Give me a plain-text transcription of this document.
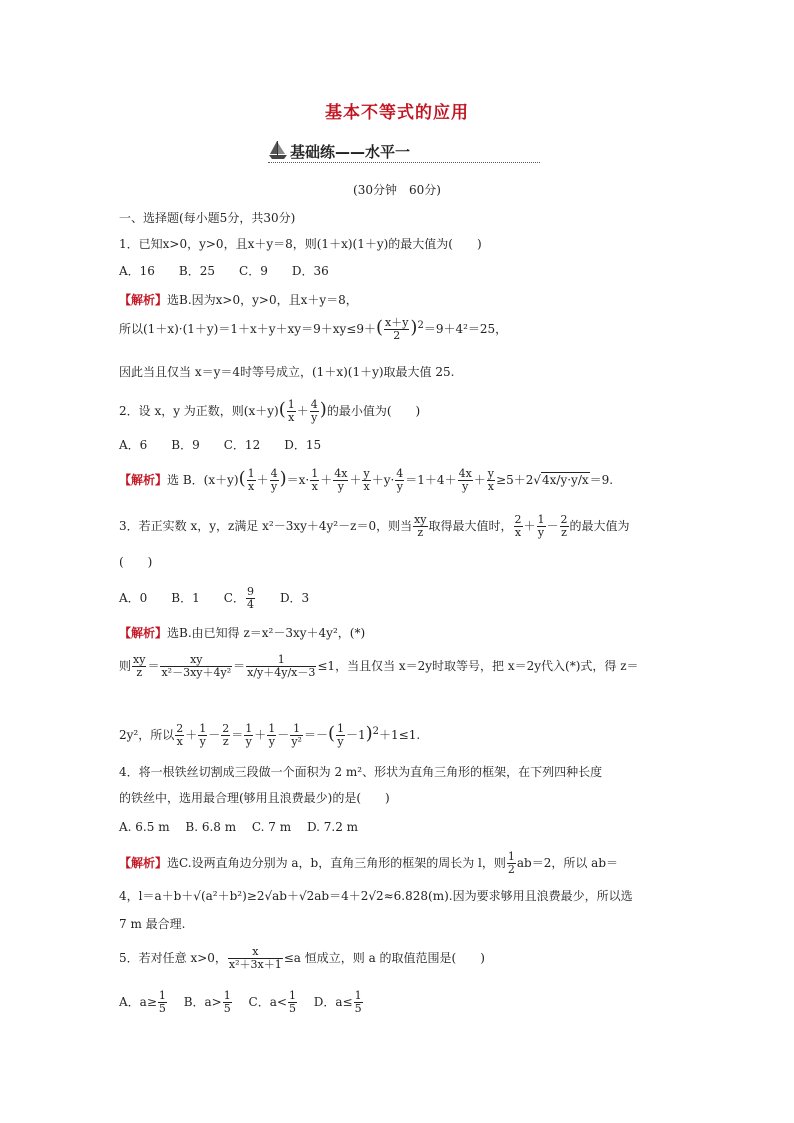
基本不等式的应用
基础练——水平一
(30分钟　60分)
一、选择题(每小题5分，共30分)
1．已知x>0，y>0，且x＋y＝8，则(1＋x)(1＋y)的最大值为(　　)
A．16　　B．25　　C．9　　D．36
【解析】选B.因为x>0，y>0，且x＋y＝8，
所以$(1+x)\cdot(1+y)=1+x+y+xy=9+xy\le 9+( \frac{x+y}{2} )^2=9+4^2=25$，
因此当且仅当 x＝y＝4时等号成立，(1＋x)(1＋y)取最大值 25.
2．设 x，y 为正数，则$(x+y)( \frac{1}{x} + \frac{4}{y}$ )的最小值为(　　)
A．6　　B．9　　C．12　　D．15
【解析】选 B．$(x+y)( \frac{1}{x} + \frac{4}{y} )=x\cdot \frac{1}{x} + \frac{4x}{y} + \frac{y}{x} +y\cdot \frac{4}{y} =1+4+ \frac{4x}{y} + \frac{y}{x} \ge 5+2√4x/y\cdot y/x=9$.
3．若正实数 x，y，z满足 x²－3xy＋4y²－z＝0，则当 $\frac{xy}{z}$ 取得最大值时， $\frac{2}{x} + \frac{1}{y} - \frac{2}{z}$ 的最大值为
(　　)
A．0　　B．1　　C． $\frac{9}{4}$ 　　D．3
【解析】选B.由已知得 z＝x²－3xy＋4y²，(*)
则 $\frac{xy}{z} = \frac{xy}{\text{x²－3xy＋4y²}} = \frac{1}{x/y+4y/x-3} \le 1$，当且仅当 x＝2y时取等号，把 x＝2y代入(*)式，得 z＝
2y²，所以 $\frac{2}{x} + \frac{1}{y} - \frac{2}{z} = \frac{1}{y} + \frac{1}{y} - \frac{1}{\text{y²}}$ ＝－( $\frac{1}{y} -1)^2+1\le 1$.
4．将一根铁丝切割成三段做一个面积为 2 m²、形状为直角三角形的框架，在下列四种长度
的铁丝中，选用最合理(够用且浪费最少)的是(　　)
A. 6.5 m　 B. 6.8 m　 C. 7 m　 D. 7.2 m
【解析】选C.设两直角边分别为 a，b，直角三角形的框架的周长为 l，则 $\frac{1}{2} ab=2$，所以 ab＝
4，l＝a＋b＋√(a²＋b²)≥2√ab＋√2ab＝4＋2√2≈6.828(m).因为要求够用且浪费最少，所以选
7 m 最合理.
5．若对任意 x>0， $\frac{x}{\text{x²＋3x＋1}} \le a$ 恒成立，则 a 的取值范围是(　　)
A．$a\ge \frac{1}{5}$ 　 B．$a> \frac{1}{5}$ 　 C．$a< \frac{1}{5}$ 　 D．$a\le \frac{1}{5}$
